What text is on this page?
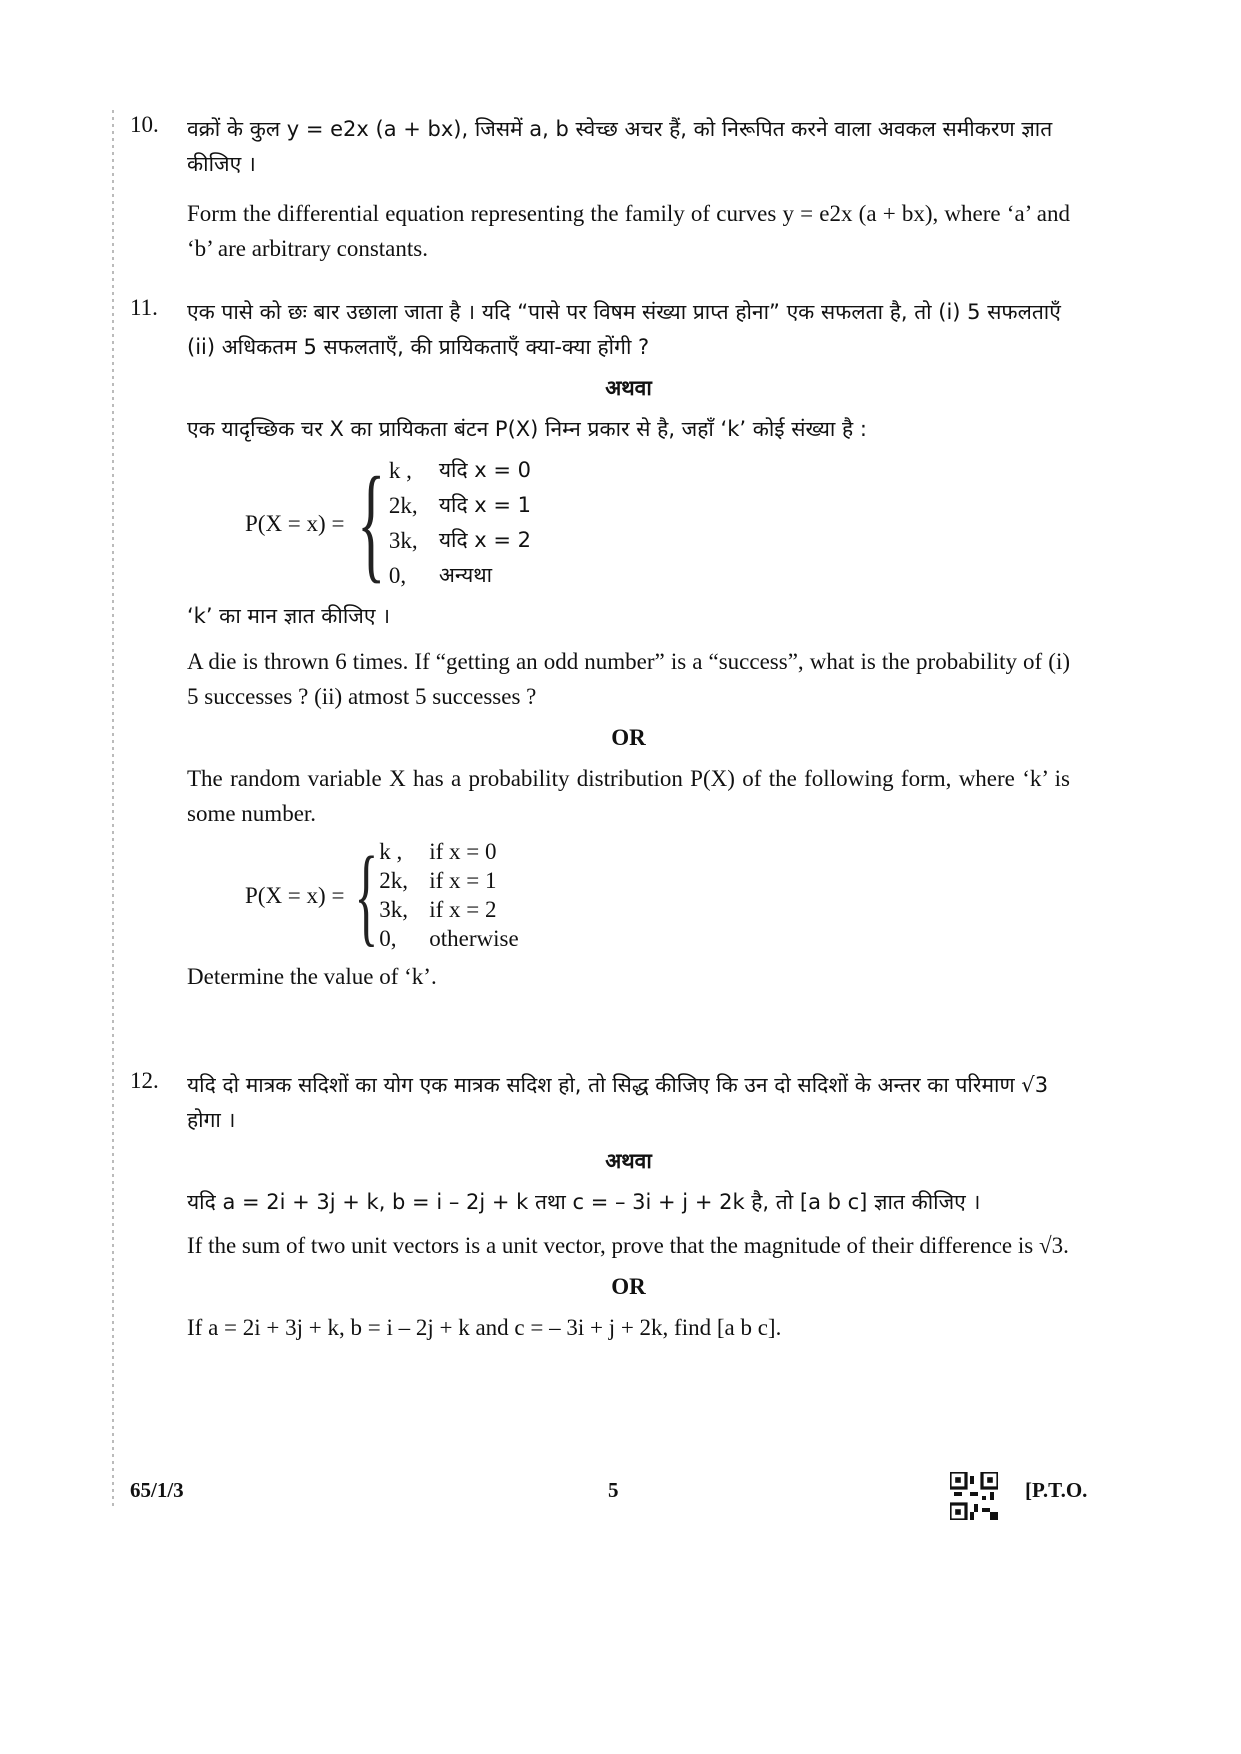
10. वक्रों के कुल y = e2x (a + bx), जिसमें a, b स्वेच्छ अचर हैं, को निरूपित करने वाला अवकल समीकरण ज्ञात कीजिए ।
Form the differential equation representing the family of curves y = e2x (a + bx), where ‘a’ and ‘b’ are arbitrary constants.
11. एक पासे को छः बार उछाला जाता है । यदि “पासे पर विषम संख्या प्राप्त होना” एक सफलता है, तो (i) 5 सफलताएँ (ii) अधिकतम 5 सफलताएँ, की प्रायिकताएँ क्या-क्या होंगी ?
अथवा
एक यादृच्छिक चर X का प्रायिकता बंटन P(X) निम्न प्रकार से है, जहाँ ‘k’ कोई संख्या है :
P(X = x) = { k ,	यदि x = 0
2k,	यदि x = 1
3k,	यदि x = 2
0,	अन्यथा
‘k’ का मान ज्ञात कीजिए ।
A die is thrown 6 times. If “getting an odd number” is a “success”, what is the probability of (i) 5 successes ? (ii) atmost 5 successes ?
OR
The random variable X has a probability distribution P(X) of the following form, where ‘k’ is some number.
P(X = x) = { k ,	if x = 0
2k, if x = 1
3k, if x = 2
0,	otherwise
Determine the value of ‘k’.
12. यदि दो मात्रक सदिशों का योग एक मात्रक सदिश हो, तो सिद्ध कीजिए कि उन दो सदिशों के अन्तर का परिमाण √3 होगा ।
अथवा
यदि a = 2i + 3j + k, b = i – 2j + k तथा c = – 3i + j + 2k है, तो [a b c] ज्ञात कीजिए ।
If the sum of two unit vectors is a unit vector, prove that the magnitude of their difference is √3.
OR
If a = 2i + 3j + k, b = i – 2j + k and c = – 3i + j + 2k, find [a b c].
65/1/3	5	[P.T.O.
